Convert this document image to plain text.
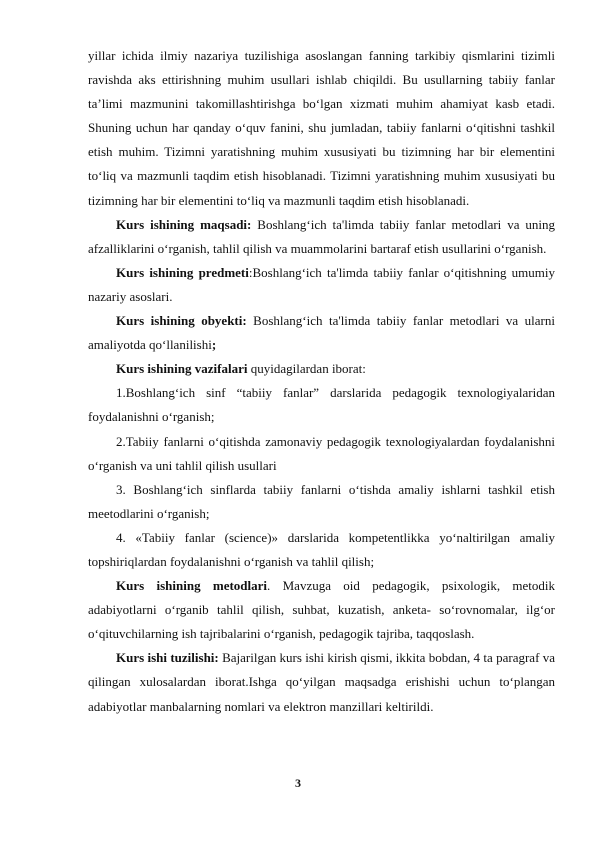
yillar ichida ilmiy nazariya tuzilishiga asoslangan fanning tarkibiy qismlarini tizimli ravishda aks ettirishning muhim usullari ishlab chiqildi. Bu usullarning tabiiy fanlar ta’limi mazmunini takomillashtirishga bo‘lgan xizmati muhim ahamiyat kasb etadi. Shuning uchun har qanday o‘quv fanini, shu jumladan, tabiiy fanlarni o‘qitishni tashkil etish muhim. Tizimni yaratishning muhim xususiyati bu tizimning har bir elementini to‘liq va mazmunli taqdim etish hisoblanadi. Tizimni yaratishning muhim xususiyati bu tizimning har bir elementini to‘liq va mazmunli taqdim etish hisoblanadi.

Kurs ishining maqsadi: Boshlang‘ich ta'limda tabiiy fanlar metodlari va uning afzalliklarini o‘rganish, tahlil qilish va muammolarini bartaraf etish usullarini o‘rganish.

Kurs ishining predmeti:Boshlang‘ich ta'limda tabiiy fanlar o‘qitishning umumiy nazariy asoslari.

Kurs ishining obyekti: Boshlang‘ich ta'limda tabiiy fanlar metodlari va ularni amaliyotda qo‘llanilishi;

Kurs ishining vazifalari quyidagilardan iborat:

1.Boshlang‘ich sinf “tabiiy fanlar” darslarida pedagogik texnologiyalaridan foydalanishni o‘rganish;

2.Tabiiy fanlarni o‘qitishda zamonaviy pedagogik texnologiyalardan foydalanishni o‘rganish va uni tahlil qilish usullari

3. Boshlang‘ich sinflarda tabiiy fanlarni o‘tishda amaliy ishlarni tashkil etish meetodlarini o‘rganish;

4. «Tabiiy fanlar (science)» darslarida kompetentlikka yo‘naltirilgan amaliy topshiriqlardan foydalanishni o‘rganish va tahlil qilish;

Kurs ishining metodlari. Mavzuga oid pedagogik, psixologik, metodik adabiyotlarni o‘rganib tahlil qilish, suhbat, kuzatish, anketa- so‘rovnomalar, ilg‘or o‘qituvchilarning ish tajribalarini o‘rganish, pedagogik tajriba, taqqoslash.

Kurs ishi tuzilishi: Bajarilgan kurs ishi kirish qismi, ikkita bobdan, 4 ta paragraf va qilingan xulosalardan iborat.Ishga qo‘yilgan maqsadga erishishi uchun to‘plangan adabiyotlar manbalarning nomlari va elektron manzillari keltirildi.

3
